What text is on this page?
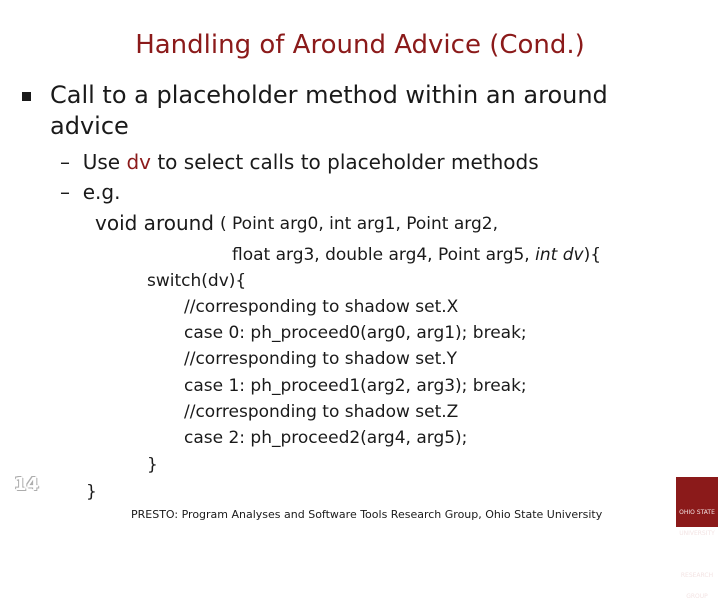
Handling of Around Advice (Cond.)
Call to a placeholder method within an around
advice
– Use dv to select calls to placeholder methods
– e.g.
void around ( Point arg0, int arg1, Point arg2,
float arg3, double arg4, Point arg5, int dv){
switch(dv){
//corresponding to shadow set.X
case 0: ph_proceed0(arg0, arg1); break;
//corresponding to shadow set.Y
case 1: ph_proceed1(arg2, arg3); break;
//corresponding to shadow set.Z
case 2: ph_proceed2(arg4, arg5);
}
}
14
PRESTO: Program Analyses and Software Tools Research Group, Ohio State University

	OHIO STATE

UNIVERSITY

PRESTO

RESEARCH

GROUP
